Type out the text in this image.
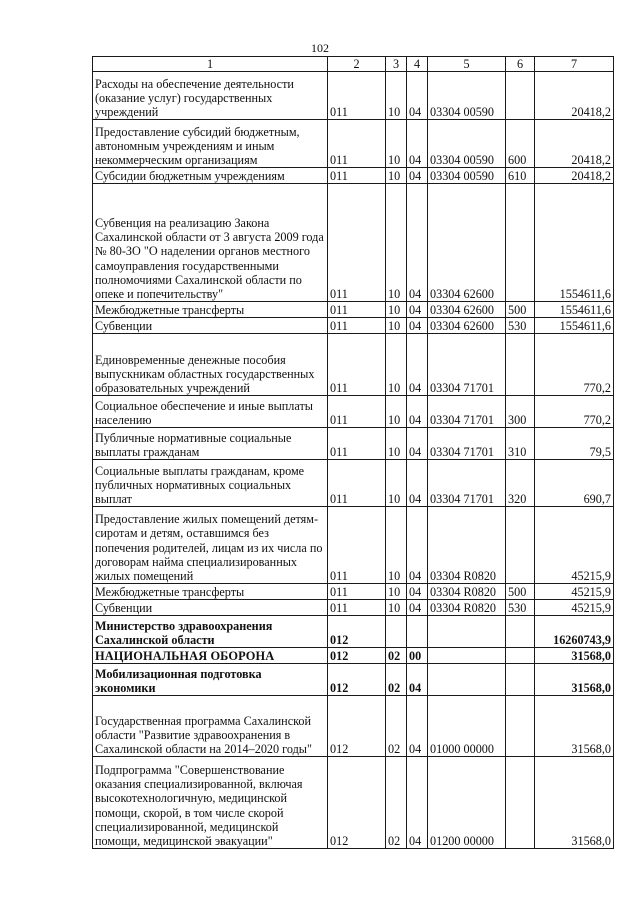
102
1	2	3	4	5	6	7
Расходы на обеспечение деятельности (оказание услуг) государственных учреждений	011	10	04	03304 00590		20418,2
Предоставление субсидий бюджетным, автономным учреждениям и иным некоммерческим организациям	011	10	04	03304 00590	600	20418,2
Субсидии бюджетным учреждениям	011	10	04	03304 00590	610	20418,2
Субвенция на реализацию Закона Сахалинской области от 3 августа 2009 года № 80-ЗО "О наделении органов местного самоуправления государственными полномочиями Сахалинской области по опеке и попечительству"	011	10	04	03304 62600		1554611,6
Межбюджетные трансферты	011	10	04	03304 62600	500	1554611,6
Субвенции	011	10	04	03304 62600	530	1554611,6
Единовременные денежные пособия выпускникам областных государственных образовательных учреждений	011	10	04	03304 71701		770,2
Социальное обеспечение и иные выплаты населению	011	10	04	03304 71701	300	770,2
Публичные нормативные социальные выплаты гражданам	011	10	04	03304 71701	310	79,5
Социальные выплаты гражданам, кроме публичных нормативных социальных выплат	011	10	04	03304 71701	320	690,7
Предоставление жилых помещений детям-сиротам и детям, оставшимся без попечения родителей, лицам из их числа по договорам найма специализированных жилых помещений	011	10	04	03304 R0820		45215,9
Межбюджетные трансферты	011	10	04	03304 R0820	500	45215,9
Субвенции	011	10	04	03304 R0820	530	45215,9
Министерство здравоохранения Сахалинской области	012					16260743,9
НАЦИОНАЛЬНАЯ ОБОРОНА	012	02	00			31568,0
Мобилизационная подготовка экономики	012	02	04			31568,0
Государственная программа Сахалинской области "Развитие здравоохранения в Сахалинской области на 2014–2020 годы"	012	02	04	01000 00000		31568,0
Подпрограмма "Совершенствование оказания специализированной, включая высокотехнологичную, медицинской помощи, скорой, в том числе скорой специализированной, медицинской помощи, медицинской эвакуации"	012	02	04	01200 00000		31568,0
